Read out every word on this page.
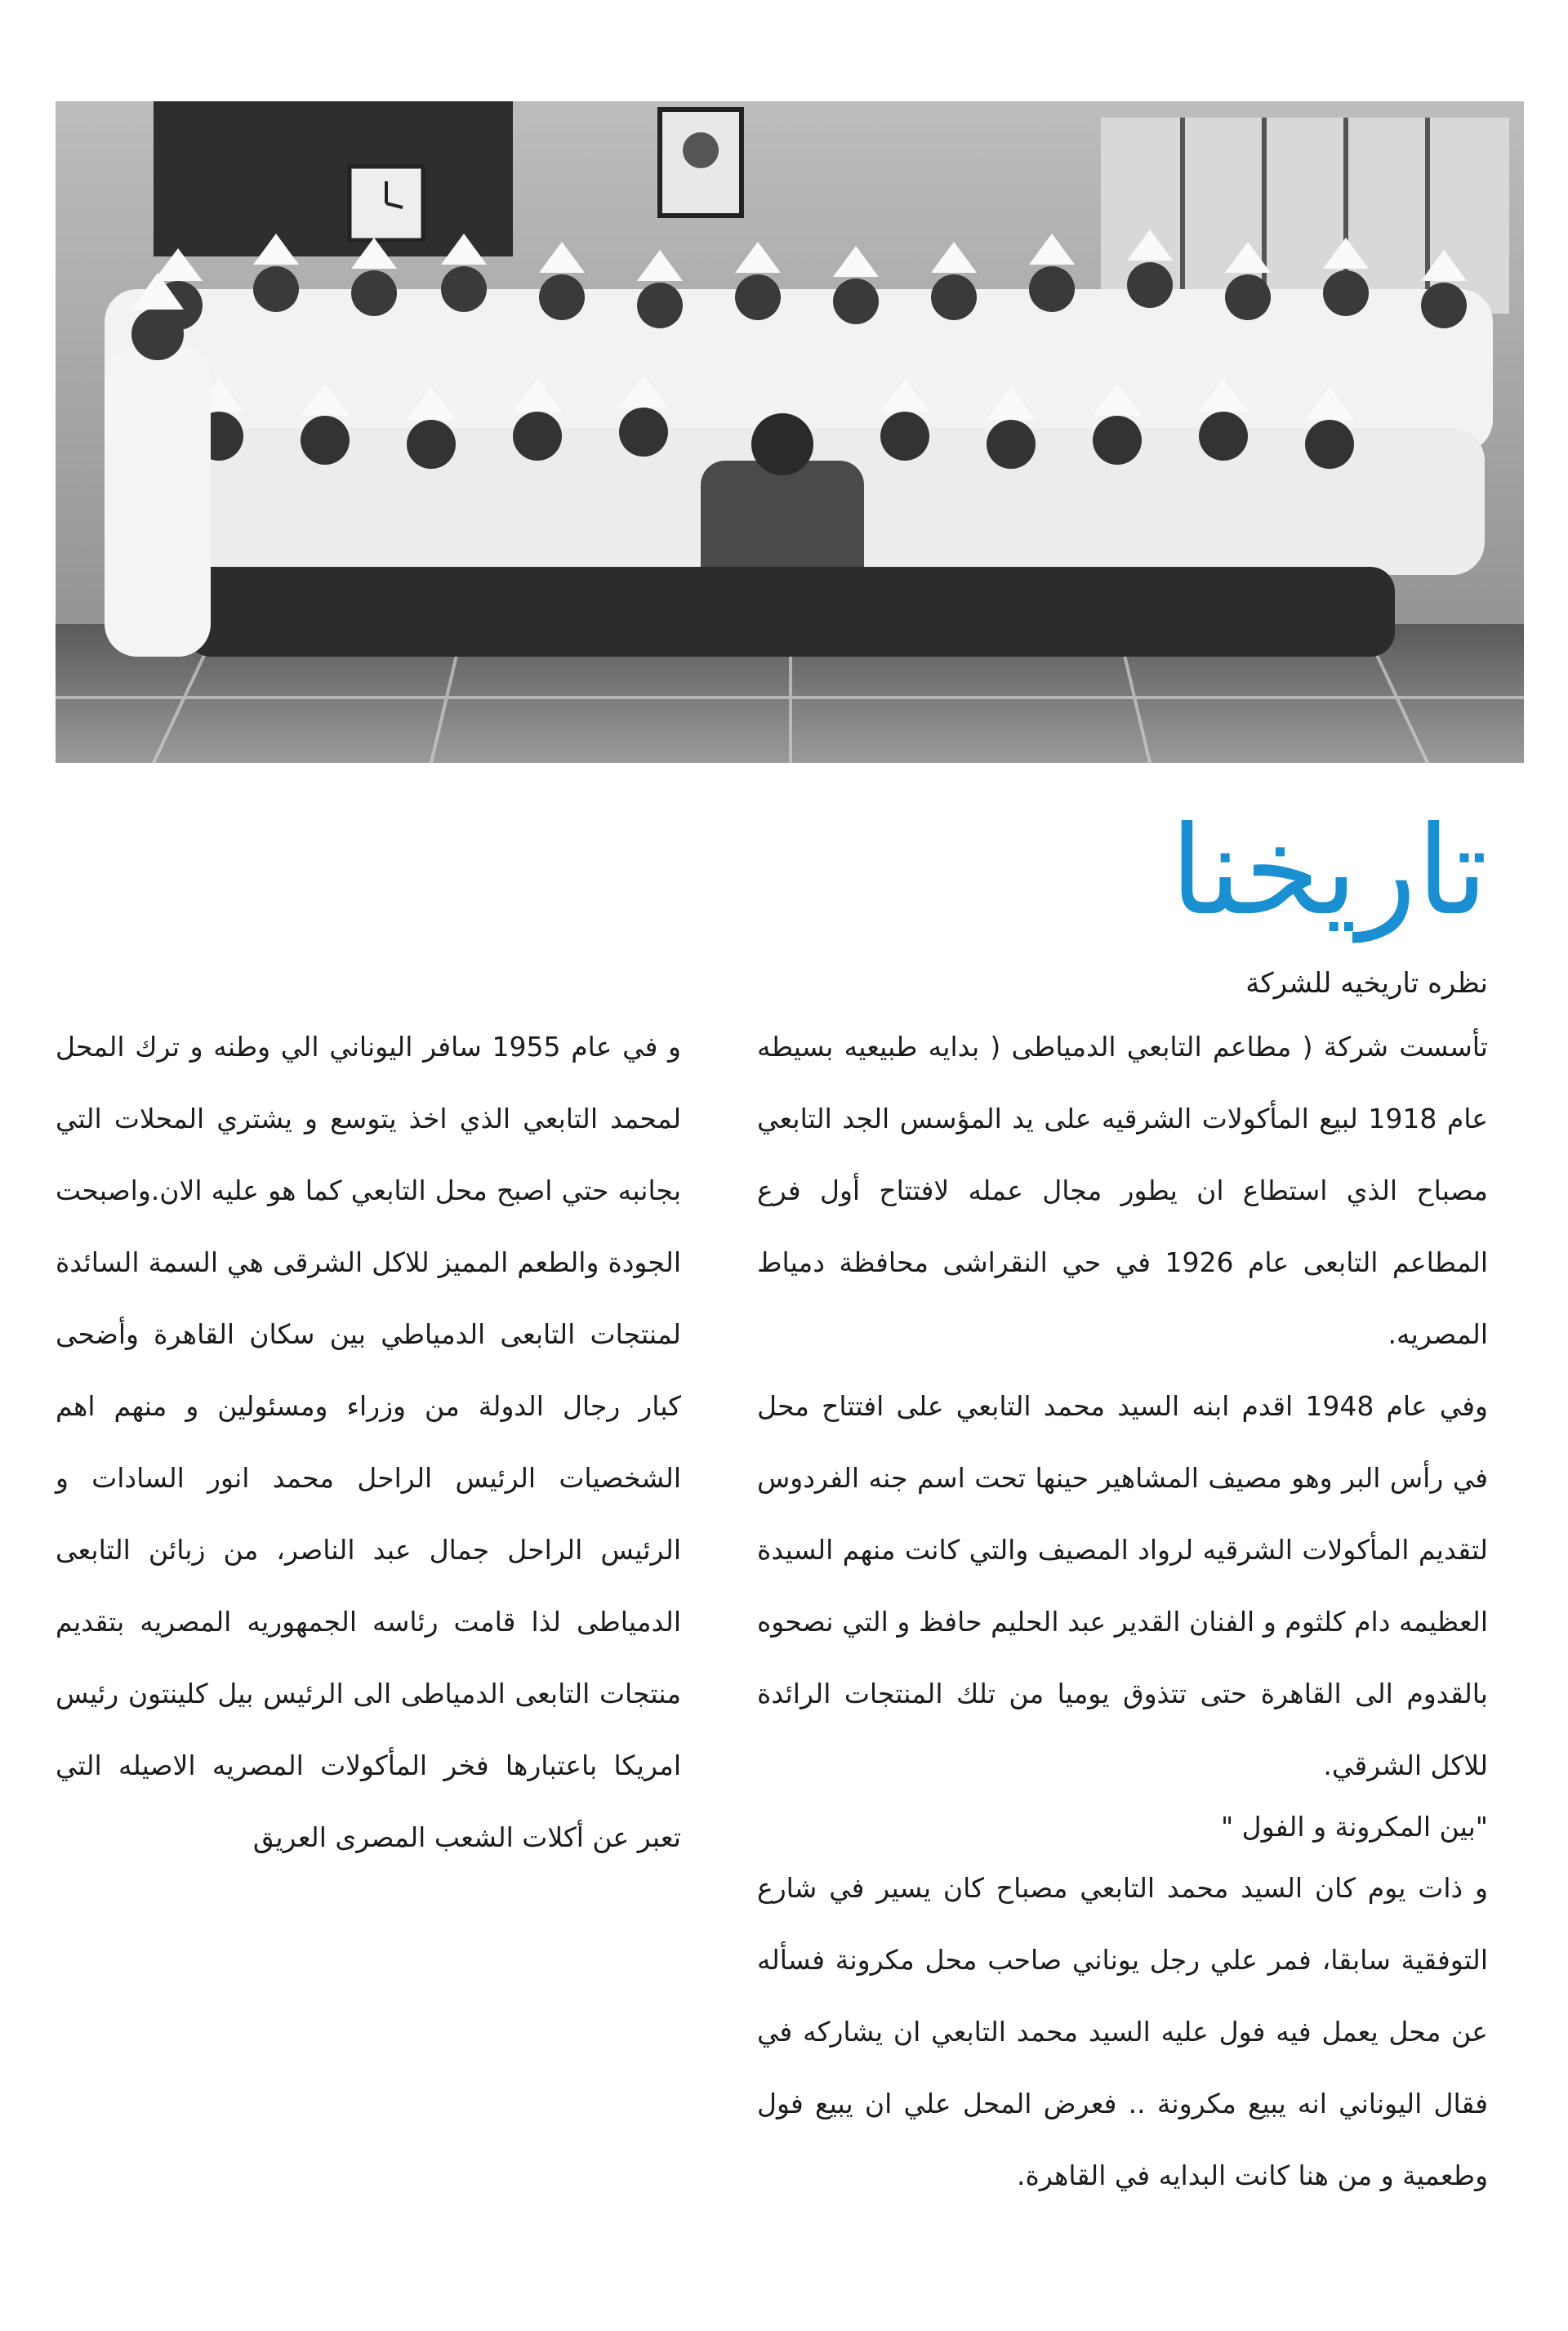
تاريخنا
نظره تاريخيه للشركة

تأسست شركة ( مطاعم التابعي الدمياطى ( بدايه طبيعيه بسيطه عام 1918 لبيع المأكولات الشرقيه على يد المؤسس الجد التابعي مصباح الذي استطاع ان يطور مجال عمله لافتتاح أول فرع المطاعم التابعى عام 1926 في حي النقراشى محافظة دمياط المصريه.

وفي عام 1948 اقدم ابنه السيد محمد التابعي على افتتاح محل في رأس البر وهو مصيف المشاهير حينها تحت اسم جنه الفردوس لتقديم المأكولات الشرقيه لرواد المصيف والتي كانت منهم السيدة العظيمه دام كلثوم و الفنان القدير عبد الحليم حافظ و التي نصحوه بالقدوم الى القاهرة حتى تتذوق يوميا من تلك المنتجات الرائدة للاكل الشرقي.

"بين المكرونة و الفول "

و ذات يوم كان السيد محمد التابعي مصباح كان يسير في شارع التوفقية سابقا، فمر علي رجل يوناني صاحب محل مكرونة فسأله عن محل يعمل فيه فول عليه السيد محمد التابعي ان يشاركه في فقال اليوناني انه يبيع مكرونة .. فعرض المحل علي ان يبيع فول وطعمية و من هنا كانت البدايه في القاهرة.

و في عام 1955 سافر اليوناني الي وطنه و ترك المحل لمحمد التابعي الذي اخذ يتوسع و يشتري المحلات التي بجانبه حتي اصبح محل التابعي كما هو عليه الان.واصبحت الجودة والطعم المميز للاكل الشرقى هي السمة السائدة لمنتجات التابعى الدمياطي بين سكان القاهرة وأضحى كبار رجال الدولة من وزراء ومسئولين و منهم اهم الشخصيات الرئيس الراحل محمد انور السادات و الرئيس الراحل جمال عبد الناصر، من زبائن التابعى الدمياطى لذا قامت رئاسه الجمهوريه المصريه بتقديم منتجات التابعى الدمياطى الى الرئيس بيل كلينتون رئيس امريكا باعتبارها فخر المأكولات المصريه الاصيله التي تعبر عن أكلات الشعب المصرى العريق
